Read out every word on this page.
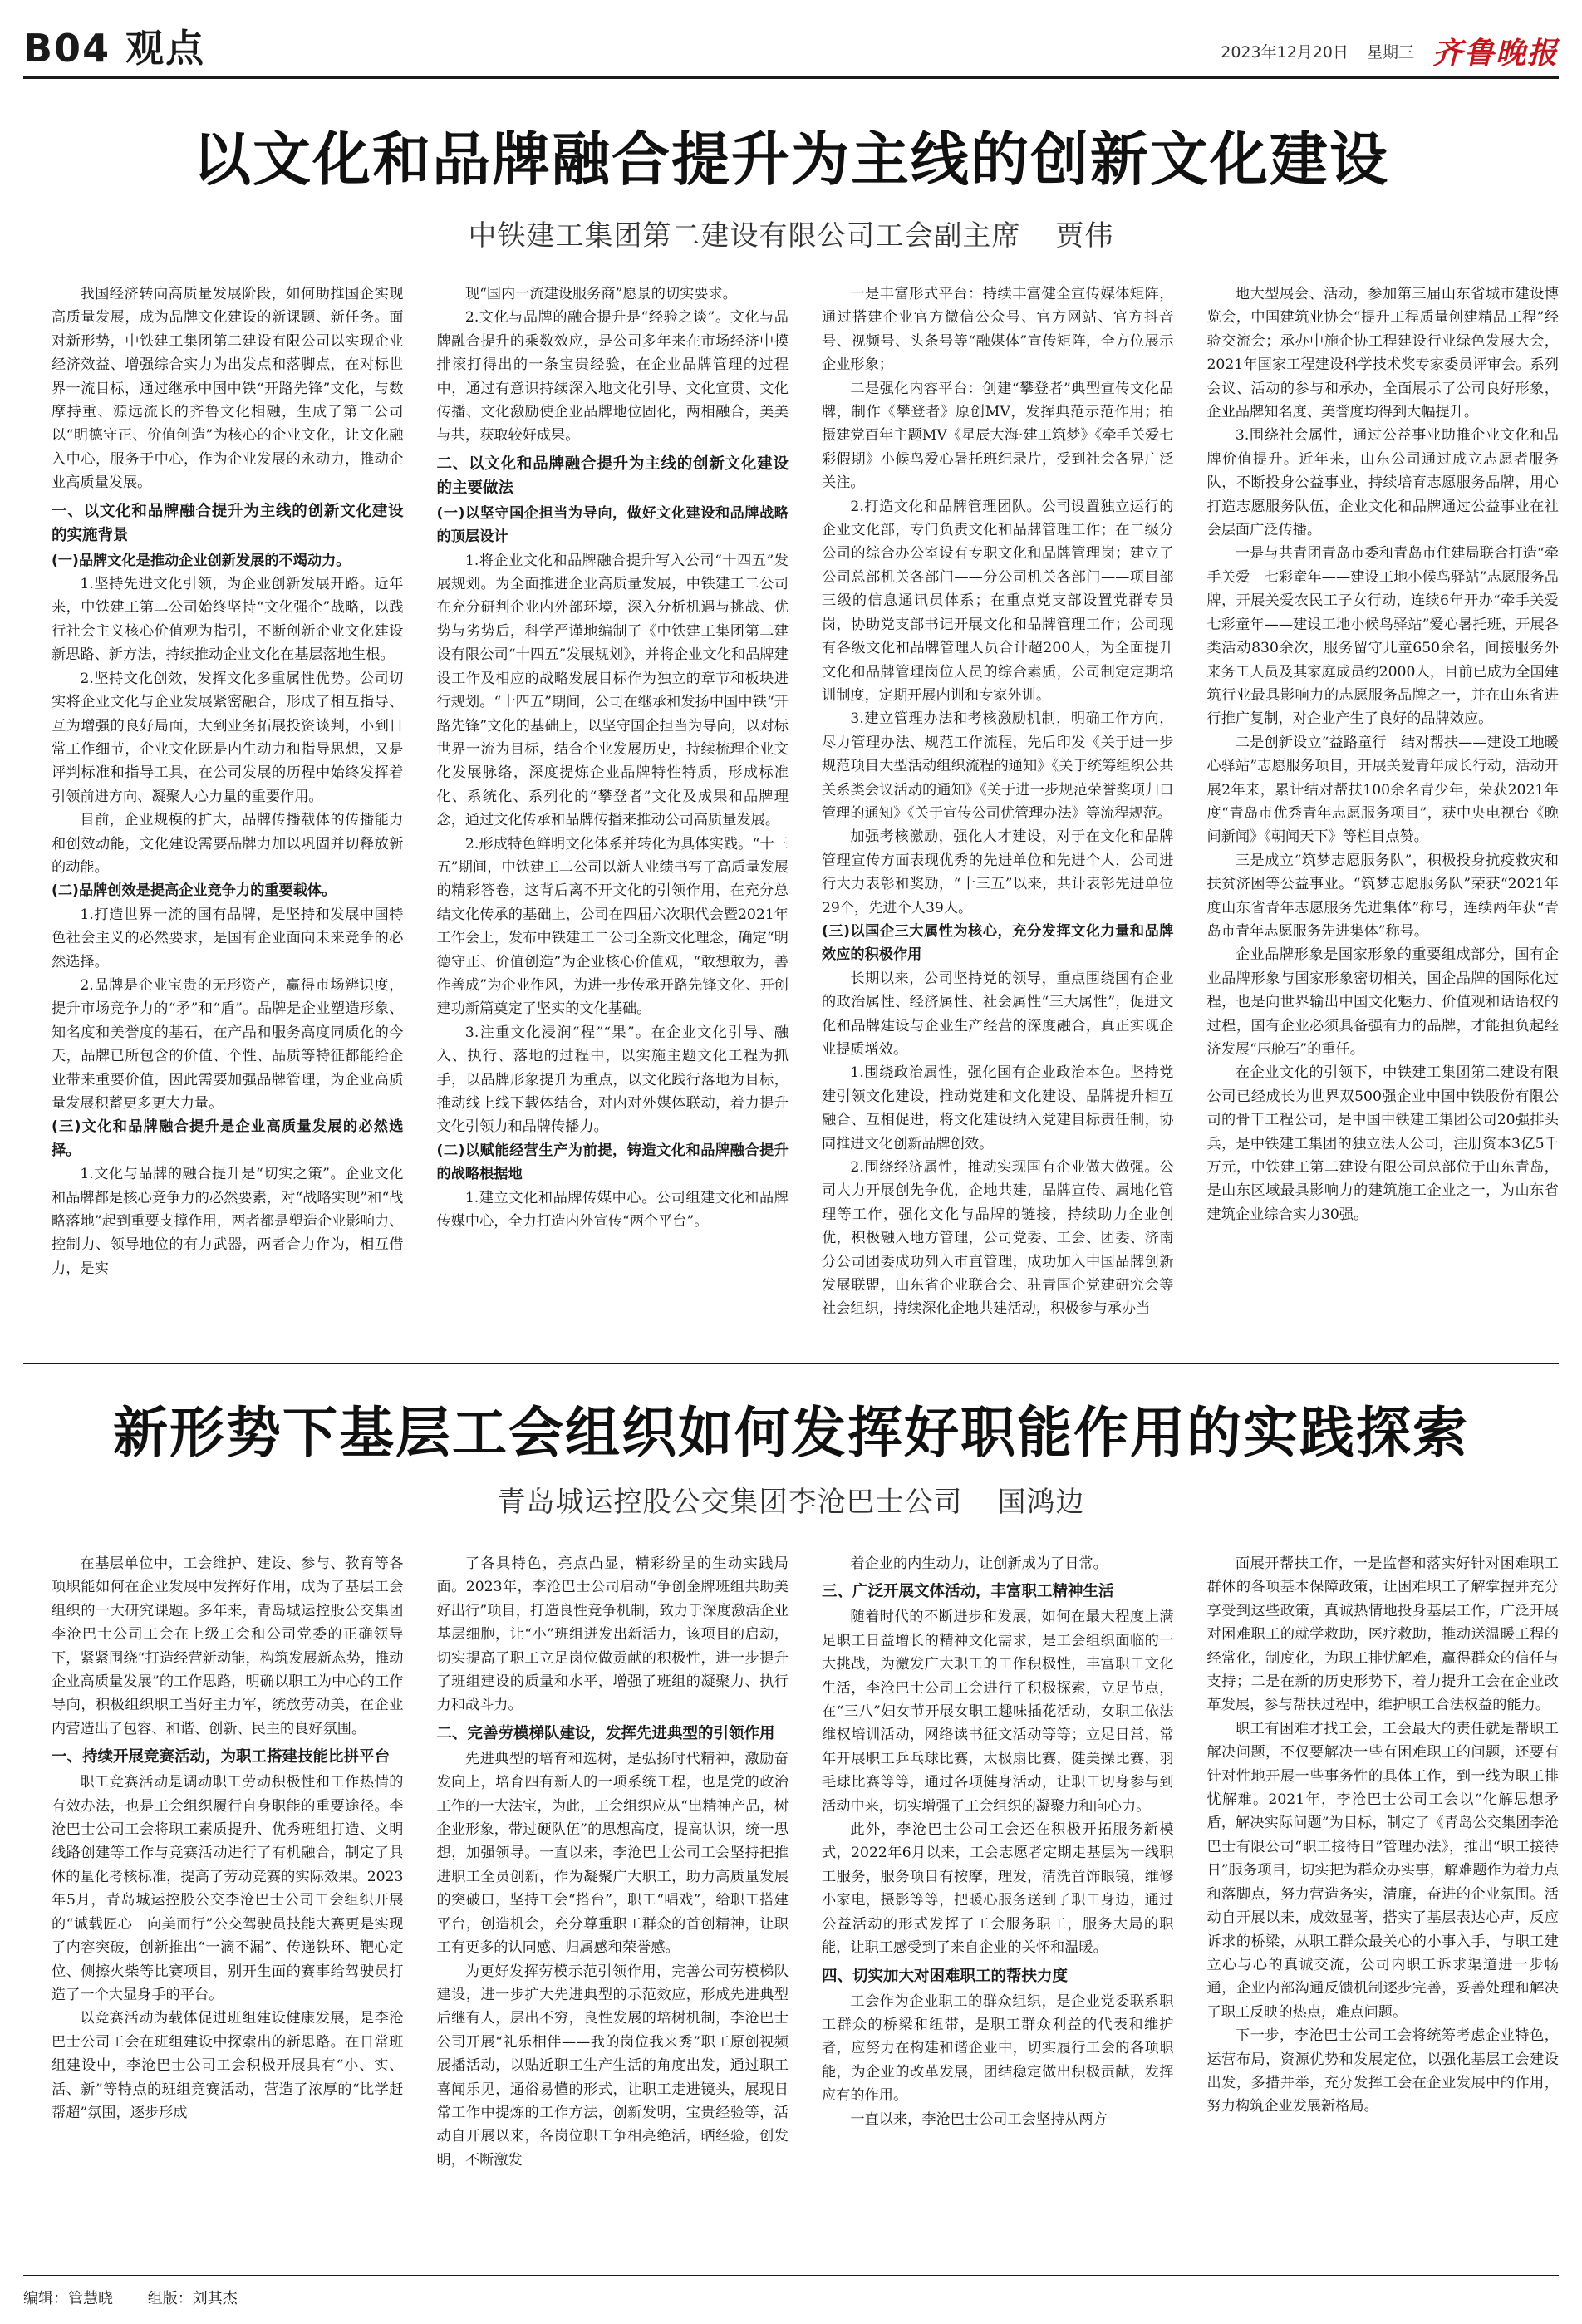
B04 观点	2023年12月20日 星期三 齐鲁晚报
以文化和品牌融合提升为主线的创新文化建设
中铁建工集团第二建设有限公司工会副主席 贾伟

我国经济转向高质量发展阶段，如何助推国企实现高质量发展，成为品牌文化建设的新课题、新任务。面对新形势，中铁建工集团第二建设有限公司以实现企业经济效益、增强综合实力为出发点和落脚点，在对标世界一流目标，通过继承中国中铁“开路先锋”文化，与数摩持重、源远流长的齐鲁文化相融，生成了第二公司以“明德守正、价值创造”为核心的企业文化，让文化融入中心，服务于中心，作为企业发展的永动力，推动企业高质量发展。

一、以文化和品牌融合提升为主线的创新文化建设的实施背景
(一)品牌文化是推动企业创新发展的不竭动力。

1.坚持先进文化引领，为企业创新发展开路。近年来，中铁建工第二公司始终坚持“文化强企”战略，以践行社会主义核心价值观为指引，不断创新企业文化建设新思路、新方法，持续推动企业文化在基层落地生根。

2.坚持文化创效，发挥文化多重属性优势。公司切实将企业文化与企业发展紧密融合，形成了相互指导、互为增强的良好局面，大到业务拓展投资谈判，小到日常工作细节，企业文化既是内生动力和指导思想，又是评判标准和指导工具，在公司发展的历程中始终发挥着引领前进方向、凝聚人心力量的重要作用。

目前，企业规模的扩大，品牌传播载体的传播能力和创效动能，文化建设需要品牌力加以巩固并切释放新的动能。

(二)品牌创效是提高企业竞争力的重要载体。

1.打造世界一流的国有品牌，是坚持和发展中国特色社会主义的必然要求，是国有企业面向未来竞争的必然选择。

2.品牌是企业宝贵的无形资产，赢得市场辨识度，提升市场竞争力的“矛”和“盾”。品牌是企业塑造形象、知名度和美誉度的基石，在产品和服务高度同质化的今天，品牌已所包含的价值、个性、品质等特征都能给企业带来重要价值，因此需要加强品牌管理，为企业高质量发展积蓄更多更大力量。

(三)文化和品牌融合提升是企业高质量发展的必然选择。

1.文化与品牌的融合提升是“切实之策”。企业文化和品牌都是核心竞争力的必然要素，对“战略实现”和“战略落地”起到重要支撑作用，两者都是塑造企业影响力、控制力、领导地位的有力武器，两者合力作为，相互借力，是实

现“国内一流建设服务商”愿景的切实要求。

2.文化与品牌的融合提升是“经验之谈”。文化与品牌融合提升的乘数效应，是公司多年来在市场经济中摸排滚打得出的一条宝贵经验，在企业品牌管理的过程中，通过有意识持续深入地文化引导、文化宣贯、文化传播、文化激励使企业品牌地位固化，两相融合，美美与共，获取较好成果。

二、以文化和品牌融合提升为主线的创新文化建设的主要做法
(一)以坚守国企担当为导向，做好文化建设和品牌战略的顶层设计

1.将企业文化和品牌融合提升写入公司“十四五”发展规划。为全面推进企业高质量发展，中铁建工二公司在充分研判企业内外部环境，深入分析机遇与挑战、优势与劣势后，科学严谨地编制了《中铁建工集团第二建设有限公司“十四五”发展规划》，并将企业文化和品牌建设工作及相应的战略发展目标作为独立的章节和板块进行规划。“十四五”期间，公司在继承和发扬中国中铁“开路先锋”文化的基础上，以坚守国企担当为导向，以对标世界一流为目标，结合企业发展历史，持续梳理企业文化发展脉络，深度提炼企业品牌特性特质，形成标准化、系统化、系列化的“攀登者”文化及成果和品牌理念，通过文化传承和品牌传播来推动公司高质量发展。

2.形成特色鲜明文化体系并转化为具体实践。“十三五”期间，中铁建工二公司以新人业绩书写了高质量发展的精彩答卷，这背后离不开文化的引领作用，在充分总结文化传承的基础上，公司在四届六次职代会暨2021年工作会上，发布中铁建工二公司全新文化理念，确定“明德守正、价值创造”为企业核心价值观，“敢想敢为，善作善成”为企业作风，为进一步传承开路先锋文化、开创建功新篇奠定了坚实的文化基础。

3.注重文化浸润“程”“果”。在企业文化引导、融入、执行、落地的过程中，以实施主题文化工程为抓手，以品牌形象提升为重点，以文化践行落地为目标，推动线上线下载体结合，对内对外媒体联动，着力提升文化引领力和品牌传播力。

(二)以赋能经营生产为前提，铸造文化和品牌融合提升的战略根据地

1.建立文化和品牌传媒中心。公司组建文化和品牌传媒中心，全力打造内外宣传“两个平台”。

一是丰富形式平台：持续丰富健全宣传媒体矩阵，通过搭建企业官方微信公众号、官方网站、官方抖音号、视频号、头条号等“融媒体”宣传矩阵，全方位展示企业形象；

二是强化内容平台：创建“攀登者”典型宣传文化品牌，制作《攀登者》原创MV，发挥典范示范作用；拍摄建党百年主题MV《星辰大海·建工筑梦》《牵手关爱七彩假期》小候鸟爱心暑托班纪录片，受到社会各界广泛关注。

2.打造文化和品牌管理团队。公司设置独立运行的企业文化部，专门负责文化和品牌管理工作；在二级分公司的综合办公室设有专职文化和品牌管理岗；建立了公司总部机关各部门——分公司机关各部门——项目部三级的信息通讯员体系；在重点党支部设置党群专员岗，协助党支部书记开展文化和品牌管理工作；公司现有各级文化和品牌管理人员合计超200人，为全面提升文化和品牌管理岗位人员的综合素质，公司制定定期培训制度，定期开展内训和专家外训。

3.建立管理办法和考核激励机制，明确工作方向，尽力管理办法、规范工作流程，先后印发《关于进一步规范项目大型活动组织流程的通知》《关于统筹组织公共关系类会议活动的通知》《关于进一步规范荣誉奖项归口管理的通知》《关于宣传公司优管理办法》等流程规范。

加强考核激励，强化人才建设，对于在文化和品牌管理宣传方面表现优秀的先进单位和先进个人，公司进行大力表彰和奖励，“十三五”以来，共计表彰先进单位29个，先进个人39人。

(三)以国企三大属性为核心，充分发挥文化力量和品牌效应的积极作用

长期以来，公司坚持党的领导，重点围绕国有企业的政治属性、经济属性、社会属性“三大属性”，促进文化和品牌建设与企业生产经营的深度融合，真正实现企业提质增效。

1.围绕政治属性，强化国有企业政治本色。坚持党建引领文化建设，推动党建和文化建设、品牌提升相互融合、互相促进，将文化建设纳入党建目标责任制，协同推进文化创新品牌创效。

2.围绕经济属性，推动实现国有企业做大做强。公司大力开展创先争优，企地共建，品牌宣传、属地化管理等工作，强化文化与品牌的链接，持续助力企业创优，积极融入地方管理，公司党委、工会、团委、济南分公司团委成功列入市直管理，成功加入中国品牌创新发展联盟，山东省企业联合会、驻青国企党建研究会等社会组织，持续深化企地共建活动，积极参与承办当

地大型展会、活动，参加第三届山东省城市建设博览会，中国建筑业协会“提升工程质量创建精品工程”经验交流会；承办中施企协工程建设行业绿色发展大会，2021年国家工程建设科学技术奖专家委员评审会。系列会议、活动的参与和承办，全面展示了公司良好形象，企业品牌知名度、美誉度均得到大幅提升。

3.围绕社会属性，通过公益事业助推企业文化和品牌价值提升。近年来，山东公司通过成立志愿者服务队，不断投身公益事业，持续培育志愿服务品牌，用心打造志愿服务队伍，企业文化和品牌通过公益事业在社会层面广泛传播。

一是与共青团青岛市委和青岛市住建局联合打造“牵手关爱　七彩童年——建设工地小候鸟驿站”志愿服务品牌，开展关爱农民工子女行动，连续6年开办“牵手关爱　七彩童年——建设工地小候鸟驿站”爱心暑托班，开展各类活动830余次，服务留守儿童650余名，间接服务外来务工人员及其家庭成员约2000人，目前已成为全国建筑行业最具影响力的志愿服务品牌之一，并在山东省进行推广复制，对企业产生了良好的品牌效应。

二是创新设立“益路童行　结对帮扶——建设工地暖心驿站”志愿服务项目，开展关爱青年成长行动，活动开展2年来，累计结对帮扶100余名青少年，荣获2021年度“青岛市优秀青年志愿服务项目”，获中央电视台《晚间新闻》《朝闻天下》等栏目点赞。

三是成立“筑梦志愿服务队”，积极投身抗疫救灾和扶贫济困等公益事业。“筑梦志愿服务队”荣获“2021年度山东省青年志愿服务先进集体”称号，连续两年获“青岛市青年志愿服务先进集体”称号。

企业品牌形象是国家形象的重要组成部分，国有企业品牌形象与国家形象密切相关，国企品牌的国际化过程，也是向世界输出中国文化魅力、价值观和话语权的过程，国有企业必须具备强有力的品牌，才能担负起经济发展“压舱石”的重任。

在企业文化的引领下，中铁建工集团第二建设有限公司已经成长为世界双500强企业中国中铁股份有限公司的骨干工程公司，是中国中铁建工集团公司20强排头兵，是中铁建工集团的独立法人公司，注册资本3亿5千万元，中铁建工第二建设有限公司总部位于山东青岛，是山东区域最具影响力的建筑施工企业之一，为山东省建筑企业综合实力30强。

新形势下基层工会组织如何发挥好职能作用的实践探索
青岛城运控股公交集团李沧巴士公司 国鸿边

在基层单位中，工会维护、建设、参与、教育等各项职能如何在企业发展中发挥好作用，成为了基层工会组织的一大研究课题。多年来，青岛城运控股公交集团李沧巴士公司工会在上级工会和公司党委的正确领导下，紧紧围绕“打造经营新动能，构筑发展新态势，推动企业高质量发展”的工作思路，明确以职工为中心的工作导向，积极组织职工当好主力军，统放劳动美，在企业内营造出了包容、和谐、创新、民主的良好氛围。

一、持续开展竞赛活动，为职工搭建技能比拼平台

职工竞赛活动是调动职工劳动积极性和工作热情的有效办法，也是工会组织履行自身职能的重要途径。李沧巴士公司工会将职工素质提升、优秀班组打造、文明线路创建等工作与竞赛活动进行了有机融合，制定了具体的量化考核标准，提高了劳动竞赛的实际效果。2023年5月，青岛城运控股公交李沧巴士公司工会组织开展的“诚载匠心　向美而行”公交驾驶员技能大赛更是实现了内容突破，创新推出“一滴不漏”、传递铁环、靶心定位、侧擦火柴等比赛项目，别开生面的赛事给驾驶员打造了一个大显身手的平台。

以竞赛活动为载体促进班组建设健康发展，是李沧巴士公司工会在班组建设中探索出的新思路。在日常班组建设中，李沧巴士公司工会积极开展具有“小、实、活、新”等特点的班组竞赛活动，营造了浓厚的“比学赶帮超”氛围，逐步形成

了各具特色，亮点凸显，精彩纷呈的生动实践局面。2023年，李沧巴士公司启动“争创金牌班组共助美好出行”项目，打造良性竞争机制，致力于深度激活企业基层细胞，让“小”班组迸发出新活力，该项目的启动，切实提高了职工立足岗位做贡献的积极性，进一步提升了班组建设的质量和水平，增强了班组的凝聚力、执行力和战斗力。

二、完善劳模梯队建设，发挥先进典型的引领作用

先进典型的培育和选树，是弘扬时代精神，激励奋发向上，培育四有新人的一项系统工程，也是党的政治工作的一大法宝，为此，工会组织应从“出精神产品，树企业形象，带过硬队伍”的思想高度，提高认识，统一思想，加强领导。一直以来，李沧巴士公司工会坚持把推进职工全员创新，作为凝聚广大职工，助力高质量发展的突破口，坚持工会“搭台”，职工“唱戏”，给职工搭建平台，创造机会，充分尊重职工群众的首创精神，让职工有更多的认同感、归属感和荣誉感。

为更好发挥劳模示范引领作用，完善公司劳模梯队建设，进一步扩大先进典型的示范效应，形成先进典型后继有人，层出不穷，良性发展的培树机制，李沧巴士公司开展“礼乐相伴——我的岗位我来秀”职工原创视频展播活动，以贴近职工生产生活的角度出发，通过职工喜闻乐见，通俗易懂的形式，让职工走进镜头，展现日常工作中提炼的工作方法，创新发明，宝贵经验等，活动自开展以来，各岗位职工争相亮绝活，晒经验，创发明，不断激发

着企业的内生动力，让创新成为了日常。

三、广泛开展文体活动，丰富职工精神生活

随着时代的不断进步和发展，如何在最大程度上满足职工日益增长的精神文化需求，是工会组织面临的一大挑战，为激发广大职工的工作积极性，丰富职工文化生活，李沧巴士公司工会进行了积极探索，立足节点，在“三八”妇女节开展女职工趣味插花活动，女职工依法维权培训活动，网络读书征文活动等等；立足日常，常年开展职工乒乓球比赛，太极扇比赛，健美操比赛，羽毛球比赛等等，通过各项健身活动，让职工切身参与到活动中来，切实增强了工会组织的凝聚力和向心力。

此外，李沧巴士公司工会还在积极开拓服务新模式，2022年6月以来，工会志愿者定期走基层为一线职工服务，服务项目有按摩，理发，清洗首饰眼镜，维修小家电，摄影等等，把暖心服务送到了职工身边，通过公益活动的形式发挥了工会服务职工，服务大局的职能，让职工感受到了来自企业的关怀和温暖。

四、切实加大对困难职工的帮扶力度

工会作为企业职工的群众组织，是企业党委联系职工群众的桥梁和纽带，是职工群众利益的代表和维护者，应努力在构建和谐企业中，切实履行工会的各项职能，为企业的改革发展，团结稳定做出积极贡献，发挥应有的作用。

一直以来，李沧巴士公司工会坚持从两方

面展开帮扶工作，一是监督和落实好针对困难职工群体的各项基本保障政策，让困难职工了解掌握并充分享受到这些政策，真诚热情地投身基层工作，广泛开展对困难职工的就学救助，医疗救助，推动送温暖工程的经常化，制度化，为职工排忧解难，赢得群众的信任与支持；二是在新的历史形势下，着力提升工会在企业改革发展，参与帮扶过程中，维护职工合法权益的能力。

职工有困难才找工会，工会最大的责任就是帮职工解决问题，不仅要解决一些有困难职工的问题，还要有针对性地开展一些事务性的具体工作，到一线为职工排忧解难。2021年，李沧巴士公司工会以“化解思想矛盾，解决实际问题”为目标，制定了《青岛公交集团李沧巴士有限公司“职工接待日”管理办法》，推出“职工接待日”服务项目，切实把为群众办实事，解难题作为着力点和落脚点，努力营造务实，清廉，奋进的企业氛围。活动自开展以来，成效显著，搭实了基层表达心声，反应诉求的桥梁，从职工群众最关心的小事入手，与职工建立心与心的真诚交流，公司内职工诉求渠道进一步畅通，企业内部沟通反馈机制逐步完善，妥善处理和解决了职工反映的热点，难点问题。

下一步，李沧巴士公司工会将统筹考虑企业特色，运营布局，资源优势和发展定位，以强化基层工会建设出发，多措并举，充分发挥工会在企业发展中的作用，努力构筑企业发展新格局。

编辑：管慧晓 组版：刘其杰
